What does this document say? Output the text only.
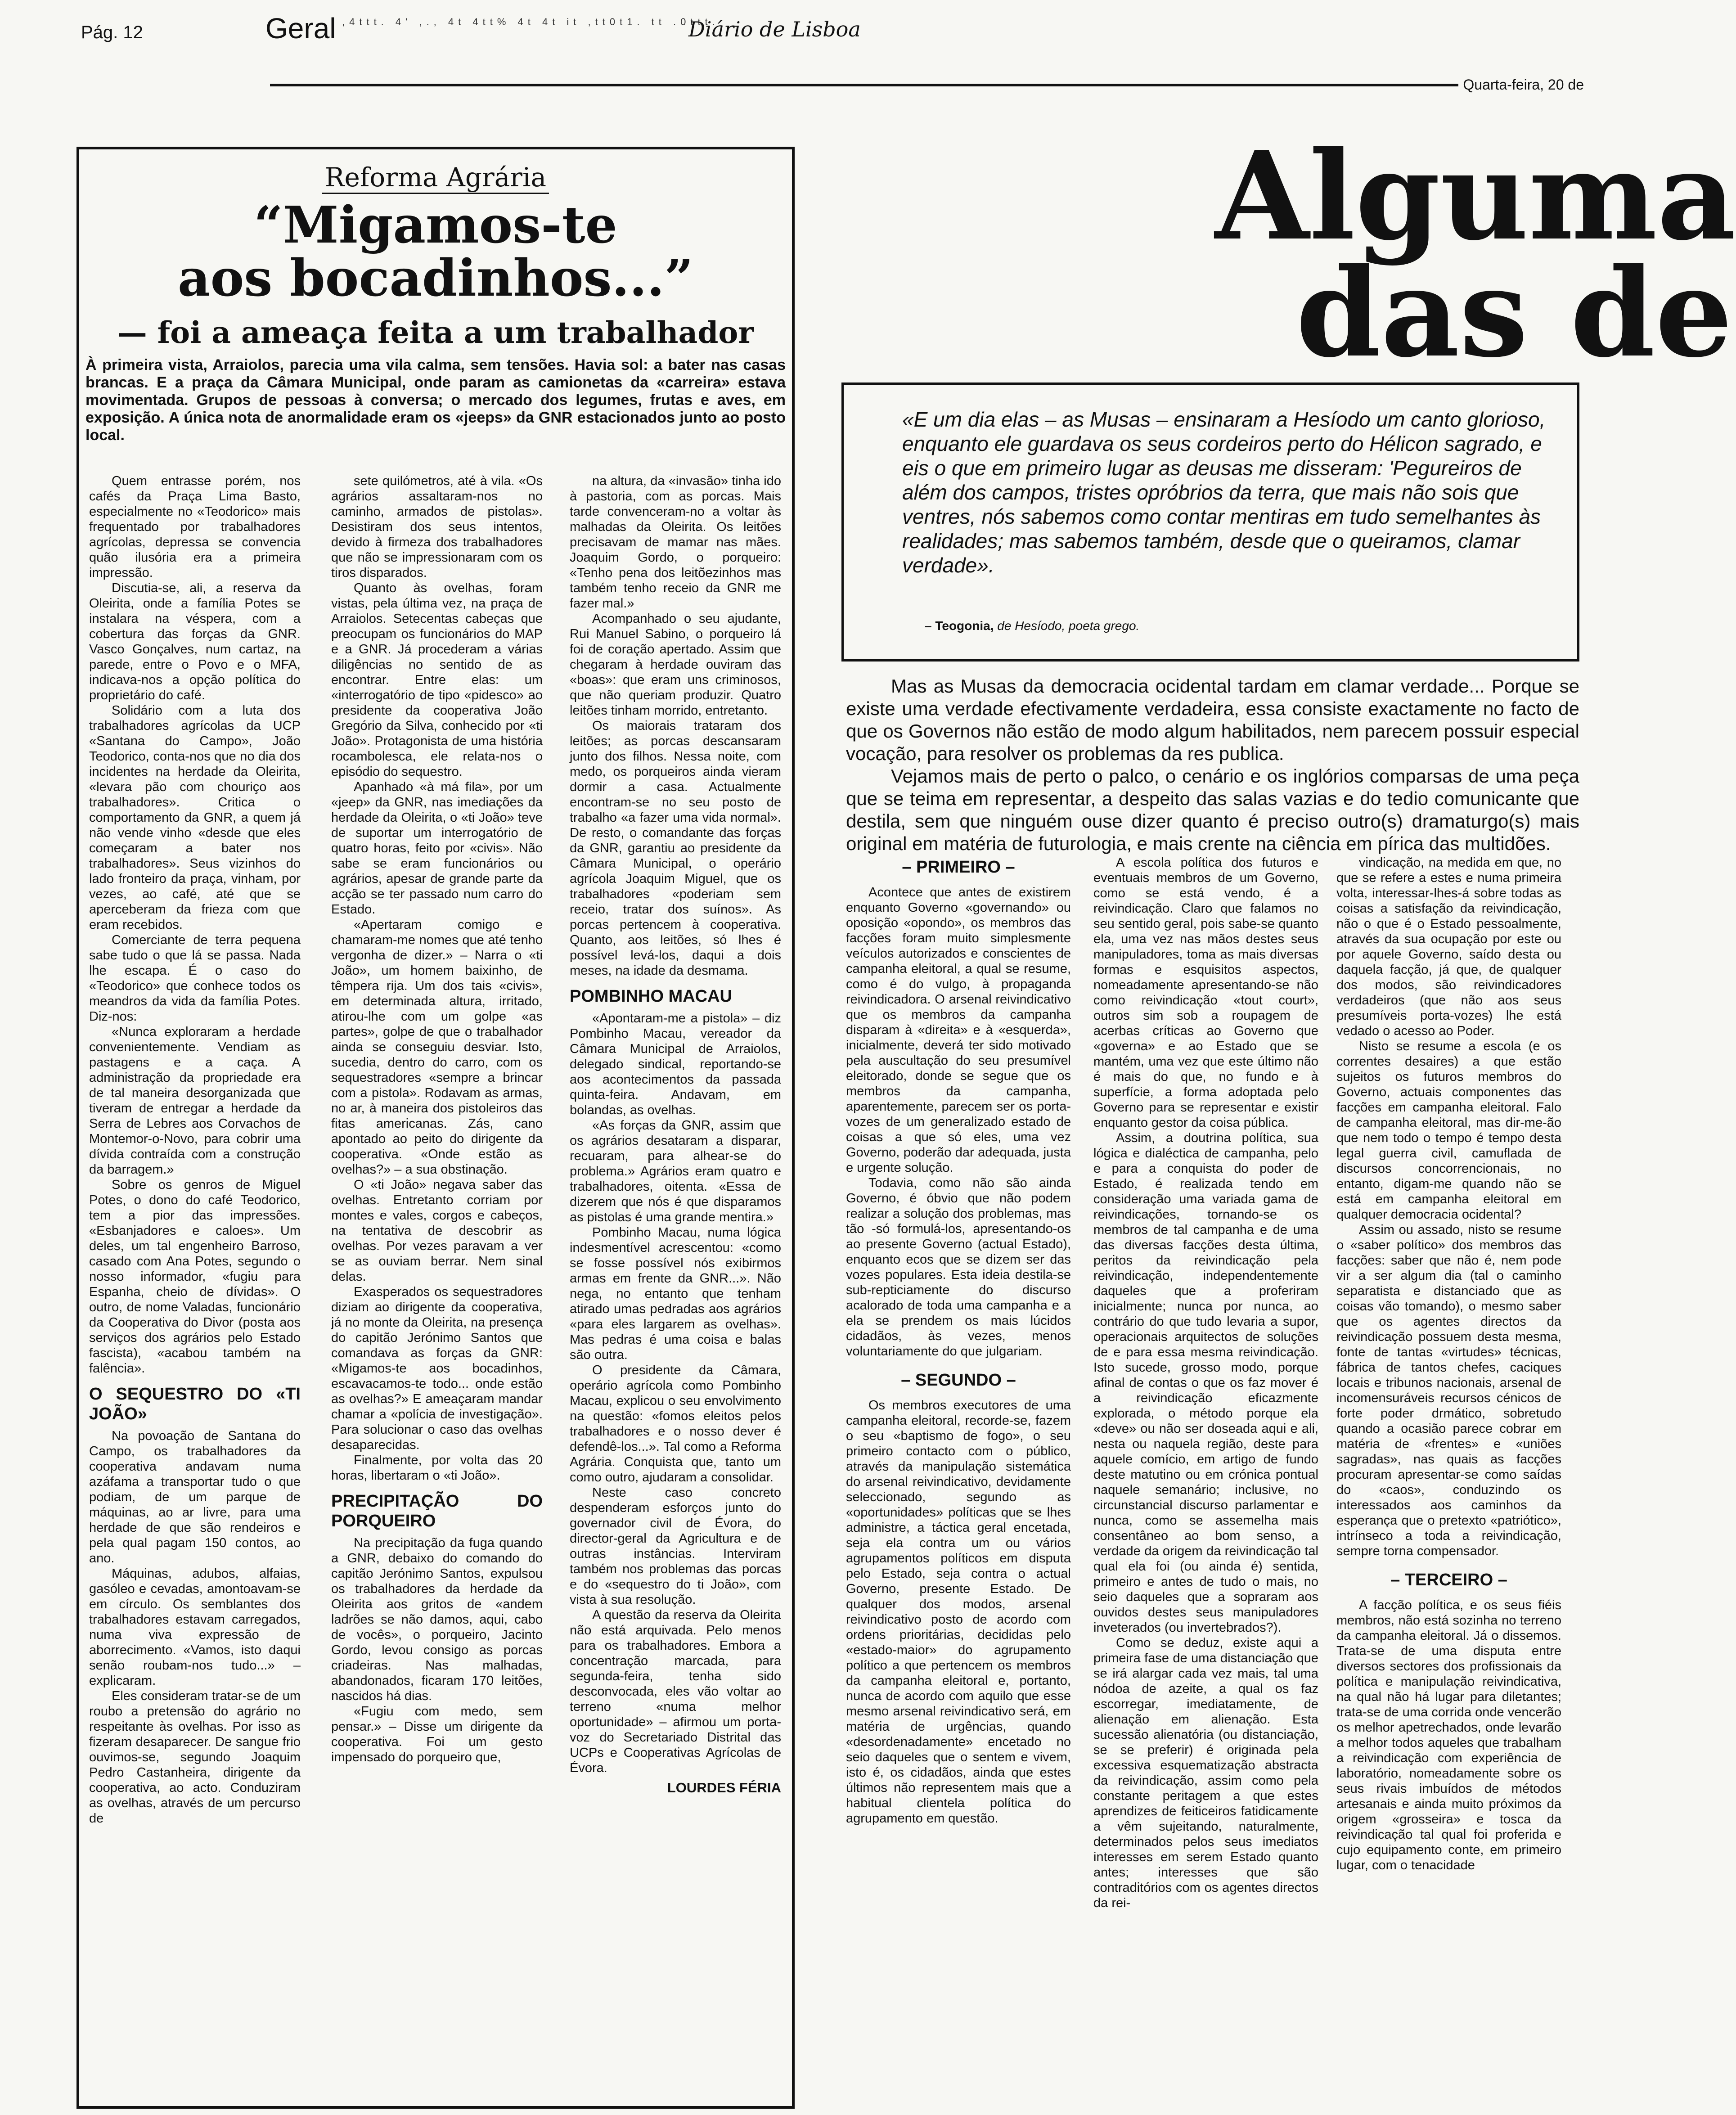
Pág. 12	Geral ,4ttt. 4' ,., 4t 4tt% 4t 4t it ,tt0t1. tt .0ttt.
Diário de Lisboa
Quarta-feira, 20 de
Reforma Agrária
“Migamos-te
aos bocadinhos...”
— foi a ameaça feita a um trabalhador
À primeira vista, Arraiolos, parecia uma vila calma, sem tensões. Havia sol: a bater nas casas brancas. E a praça da Câmara Municipal, onde param as camionetas da «carreira» estava movimentada. Grupos de pessoas à conversa; o mercado dos legumes, frutas e aves, em exposição. A única nota de anormalidade eram os «jeeps» da GNR estacionados junto ao posto local.

Quem entrasse porém, nos cafés da Praça Lima Basto, especialmente no «Teodorico» mais frequentado por trabalhadores agrícolas, depressa se convencia quão ilusória era a primeira impressão.

Discutia-se, ali, a reserva da Oleirita, onde a família Potes se instalara na véspera, com a cobertura das forças da GNR. Vasco Gonçalves, num cartaz, na parede, entre o Povo e o MFA, indicava-nos a opção política do proprietário do café.

Solidário com a luta dos trabalhadores agrícolas da UCP «Santana do Campo», João Teodorico, conta-nos que no dia dos incidentes na herdade da Oleirita, «levara pão com chouriço aos trabalhadores». Critica o comportamento da GNR, a quem já não vende vinho «desde que eles começaram a bater nos trabalhadores». Seus vizinhos do lado fronteiro da praça, vinham, por vezes, ao café, até que se aperceberam da frieza com que eram recebidos.

Comerciante de terra pequena sabe tudo o que lá se passa. Nada lhe escapa. É o caso do «Teodorico» que conhece todos os meandros da vida da família Potes. Diz-nos:

«Nunca exploraram a herdade convenientemente. Vendiam as pastagens e a caça. A administração da propriedade era de tal maneira desorganizada que tiveram de entregar a herdade da Serra de Lebres aos Corvachos de Montemor-o-Novo, para cobrir uma dívida contraída com a construção da barragem.»

Sobre os genros de Miguel Potes, o dono do café Teodorico, tem a pior das impressões. «Esbanjadores e caloes». Um deles, um tal engenheiro Barroso, casado com Ana Potes, segundo o nosso informador, «fugiu para Espanha, cheio de dívidas». O outro, de nome Valadas, funcionário da Cooperativa do Divor (posta aos serviços dos agrários pelo Estado fascista), «acabou também na falência».

O SEQUESTRO DO «TI JOÃO»

Na povoação de Santana do Campo, os trabalhadores da cooperativa andavam numa azáfama a transportar tudo o que podiam, de um parque de máquinas, ao ar livre, para uma herdade de que são rendeiros e pela qual pagam 150 contos, ao ano.

Máquinas, adubos, alfaias, gasóleo e cevadas, amontoavam-se em círculo. Os semblantes dos trabalhadores estavam carregados, numa viva expressão de aborrecimento. «Vamos, isto daqui senão roubam-nos tudo...» – explicaram.

Eles consideram tratar-se de um roubo a pretensão do agrário no respeitante às ovelhas. Por isso as fizeram desaparecer. De sangue frio ouvimos-se, segundo Joaquim Pedro Castanheira, dirigente da cooperativa, ao acto. Conduziram as ovelhas, através de um percurso de

sete quilómetros, até à vila. «Os agrários assaltaram-nos no caminho, armados de pistolas». Desistiram dos seus intentos, devido à firmeza dos trabalhadores que não se impressionaram com os tiros disparados.

Quanto às ovelhas, foram vistas, pela última vez, na praça de Arraiolos. Setecentas cabeças que preocupam os funcionários do MAP e a GNR. Já procederam a várias diligências no sentido de as encontrar. Entre elas: um «interrogatório de tipo «pidesco» ao presidente da cooperativa João Gregório da Silva, conhecido por «ti João». Protagonista de uma história rocambolesca, ele relata-nos o episódio do sequestro.

Apanhado «à má fila», por um «jeep» da GNR, nas imediações da herdade da Oleirita, o «ti João» teve de suportar um interrogatório de quatro horas, feito por «civis». Não sabe se eram funcionários ou agrários, apesar de grande parte da acção se ter passado num carro do Estado.

«Apertaram comigo e chamaram-me nomes que até tenho vergonha de dizer.» – Narra o «ti João», um homem baixinho, de têmpera rija. Um dos tais «civis», em determinada altura, irritado, atirou-lhe com um golpe «as partes», golpe de que o trabalhador ainda se conseguiu desviar. Isto, sucedia, dentro do carro, com os sequestradores «sempre a brincar com a pistola». Rodavam as armas, no ar, à maneira dos pistoleiros das fitas americanas. Zás, cano apontado ao peito do dirigente da cooperativa. «Onde estão as ovelhas?» – a sua obstinação.

O «ti João» negava saber das ovelhas. Entretanto corriam por montes e vales, corgos e cabeços, na tentativa de descobrir as ovelhas. Por vezes paravam a ver se as ouviam berrar. Nem sinal delas.

Exasperados os sequestradores diziam ao dirigente da cooperativa, já no monte da Oleirita, na presença do capitão Jerónimo Santos que comandava as forças da GNR: «Migamos-te aos bocadinhos, escavacamos-te todo... onde estão as ovelhas?» E ameaçaram mandar chamar a «polícia de investigação». Para solucionar o caso das ovelhas desaparecidas.

Finalmente, por volta das 20 horas, libertaram o «ti João».

PRECIPITAÇÃO DO PORQUEIRO

Na precipitação da fuga quando a GNR, debaixo do comando do capitão Jerónimo Santos, expulsou os trabalhadores da herdade da Oleirita aos gritos de «andem ladrões se não damos, aqui, cabo de vocês», o porqueiro, Jacinto Gordo, levou consigo as porcas criadeiras. Nas malhadas, abandonados, ficaram 170 leitões, nascidos há dias.

«Fugiu com medo, sem pensar.» – Disse um dirigente da cooperativa. Foi um gesto impensado do porqueiro que,

na altura, da «invasão» tinha ido à pastoria, com as porcas. Mais tarde convenceram-no a voltar às malhadas da Oleirita. Os leitões precisavam de mamar nas mães. Joaquim Gordo, o porqueiro: «Tenho pena dos leitõezinhos mas também tenho receio da GNR me fazer mal.»

Acompanhado o seu ajudante, Rui Manuel Sabino, o porqueiro lá foi de coração apertado. Assim que chegaram à herdade ouviram das «boas»: que eram uns criminosos, que não queriam produzir. Quatro leitões tinham morrido, entretanto.

Os maiorais trataram dos leitões; as porcas descansaram junto dos filhos. Nessa noite, com medo, os porqueiros ainda vieram dormir a casa. Actualmente encontram-se no seu posto de trabalho «a fazer uma vida normal». De resto, o comandante das forças da GNR, garantiu ao presidente da Câmara Municipal, o operário agrícola Joaquim Miguel, que os trabalhadores «poderiam sem receio, tratar dos suínos». As porcas pertencem à cooperativa. Quanto, aos leitões, só lhes é possível levá-los, daqui a dois meses, na idade da desmama.

POMBINHO MACAU

«Apontaram-me a pistola» – diz Pombinho Macau, vereador da Câmara Municipal de Arraiolos, delegado sindical, reportando-se aos acontecimentos da passada quinta-feira. Andavam, em bolandas, as ovelhas.

«As forças da GNR, assim que os agrários desataram a disparar, recuaram, para alhear-se do problema.» Agrários eram quatro e trabalhadores, oitenta. «Essa de dizerem que nós é que disparamos as pistolas é uma grande mentira.»

Pombinho Macau, numa lógica indesmentível acrescentou: «como se fosse possível nós exibirmos armas em frente da GNR...». Não nega, no entanto que tenham atirado umas pedradas aos agrários «para eles largarem as ovelhas». Mas pedras é uma coisa e balas são outra.

O presidente da Câmara, operário agrícola como Pombinho Macau, explicou o seu envolvimento na questão: «fomos eleitos pelos trabalhadores e o nosso dever é defendê-los...». Tal como a Reforma Agrária. Conquista que, tanto um como outro, ajudaram a consolidar.

Neste caso concreto despenderam esforços junto do governador civil de Évora, do director-geral da Agricultura e de outras instâncias. Interviram também nos problemas das porcas e do «sequestro do ti João», com vista à sua resolução.

A questão da reserva da Oleirita não está arquivada. Pelo menos para os trabalhadores. Embora a concentração marcada, para segunda-feira, tenha sido desconvocada, eles vão voltar ao terreno «numa melhor oportunidade» – afirmou um porta-voz do Secretariado Distrital das UCPs e Cooperativas Agrícolas de Évora.

LOURDES FÉRIA
Alguma
das de
«E um dia elas – as Musas – ensinaram a Hesíodo um canto glorioso, enquanto ele guardava os seus cordeiros perto do Hélicon sagrado, e eis o que em primeiro lugar as deusas me disseram: 'Pegureiros de além dos campos, tristes opróbrios da terra, que mais não sois que ventres, nós sabemos como contar mentiras em tudo semelhantes às realidades; mas sabemos também, desde que o queiramos, clamar verdade».
– Teogonia, de Hesíodo, poeta grego.

Mas as Musas da democracia ocidental tardam em clamar verdade... Porque se existe uma verdade efectivamente verdadeira, essa consiste exactamente no facto de que os Governos não estão de modo algum habilitados, nem parecem possuir especial vocação, para resolver os problemas da res publica.

Vejamos mais de perto o palco, o cenário e os inglórios comparsas de uma peça que se teima em representar, a despeito das salas vazias e do tedio comunicante que destila, sem que ninguém ouse dizer quanto é preciso outro(s) dramaturgo(s) mais original em matéria de futurologia, e mais crente na ciência em pírica das multidões.

– PRIMEIRO –

Acontece que antes de existirem enquanto Governo «governando» ou oposição «opondo», os membros das facções foram muito simplesmente veículos autorizados e conscientes de campanha eleitoral, a qual se resume, como é do vulgo, à propaganda reivindicadora. O arsenal reivindicativo que os membros da campanha disparam à «direita» e à «esquerda», inicialmente, deverá ter sido motivado pela auscultação do seu presumível eleitorado, donde se segue que os membros da campanha, aparentemente, parecem ser os porta-vozes de um generalizado estado de coisas a que só eles, uma vez Governo, poderão dar adequada, justa e urgente solução.

Todavia, como não são ainda Governo, é óbvio que não podem realizar a solução dos problemas, mas tão -só formulá-los, apresentando-os ao presente Governo (actual Estado), enquanto ecos que se dizem ser das vozes populares. Esta ideia destila-se sub-repticiamente do discurso acalorado de toda uma campanha e a ela se prendem os mais lúcidos cidadãos, às vezes, menos voluntariamente do que julgariam.

– SEGUNDO –

Os membros executores de uma campanha eleitoral, recorde-se, fazem o seu «baptismo de fogo», o seu primeiro contacto com o público, através da manipulação sistemática do arsenal reivindicativo, devidamente seleccionado, segundo as «oportunidades» políticas que se lhes administre, a táctica geral encetada, seja ela contra um ou vários agrupamentos políticos em disputa pelo Estado, seja contra o actual Governo, presente Estado. De qualquer dos modos, arsenal reivindicativo posto de acordo com ordens prioritárias, decididas pelo «estado-maior» do agrupamento político a que pertencem os membros da campanha eleitoral e, portanto, nunca de acordo com aquilo que esse mesmo arsenal reivindicativo será, em matéria de urgências, quando «desordenadamente» encetado no seio daqueles que o sentem e vivem, isto é, os cidadãos, ainda que estes últimos não representem mais que a habitual clientela política do agrupamento em questão.

A escola política dos futuros e eventuais membros de um Governo, como se está vendo, é a reivindicação. Claro que falamos no seu sentido geral, pois sabe-se quanto ela, uma vez nas mãos destes seus manipuladores, toma as mais diversas formas e esquisitos aspectos, nomeadamente apresentando-se não como reivindicação «tout court», outros sim sob a roupagem de acerbas críticas ao Governo que «governa» e ao Estado que se mantém, uma vez que este último não é mais do que, no fundo e à superfície, a forma adoptada pelo Governo para se representar e existir enquanto gestor da coisa pública.

Assim, a doutrina política, sua lógica e dialéctica de campanha, pelo e para a conquista do poder de Estado, é realizada tendo em consideração uma variada gama de reivindicações, tornando-se os membros de tal campanha e de uma das diversas facções desta última, peritos da reivindicação pela reivindicação, independentemente daqueles que a proferiram inicialmente; nunca por nunca, ao contrário do que tudo levaria a supor, operacionais arquitectos de soluções de e para essa mesma reivindicação. Isto sucede, grosso modo, porque afinal de contas o que os faz mover é a reivindicação eficazmente explorada, o método porque ela «deve» ou não ser doseada aqui e ali, nesta ou naquela região, deste para aquele comício, em artigo de fundo deste matutino ou em crónica pontual naquele semanário; inclusive, no circunstancial discurso parlamentar e nunca, como se assemelha mais consentâneo ao bom senso, a verdade da origem da reivindicação tal qual ela foi (ou ainda é) sentida, primeiro e antes de tudo o mais, no seio daqueles que a sopraram aos ouvidos destes seus manipuladores inveterados (ou invertebrados?).

Como se deduz, existe aqui a primeira fase de uma distanciação que se irá alargar cada vez mais, tal uma nódoa de azeite, a qual os faz escorregar, imediatamente, de alienação em alienação. Esta sucessão alienatória (ou distanciação, se se preferir) é originada pela excessiva esquematização abstracta da reivindicação, assim como pela constante peritagem a que estes aprendizes de feiticeiros fatidicamente a vêm sujeitando, naturalmente, determinados pelos seus imediatos interesses em serem Estado quanto antes; interesses que são contraditórios com os agentes directos da rei-

vindicação, na medida em que, no que se refere a estes e numa primeira volta, interessar-lhes-á sobre todas as coisas a satisfação da reivindicação, não o que é o Estado pessoalmente, através da sua ocupação por este ou por aquele Governo, saído desta ou daquela facção, já que, de qualquer dos modos, são reivindicadores verdadeiros (que não aos seus presumíveis porta-vozes) lhe está vedado o acesso ao Poder.

Nisto se resume a escola (e os correntes desaires) a que estão sujeitos os futuros membros do Governo, actuais componentes das facções em campanha eleitoral. Falo de campanha eleitoral, mas dir-me-ão que nem todo o tempo é tempo desta legal guerra civil, camuflada de discursos concorrencionais, no entanto, digam-me quando não se está em campanha eleitoral em qualquer democracia ocidental?

Assim ou assado, nisto se resume o «saber político» dos membros das facções: saber que não é, nem pode vir a ser algum dia (tal o caminho separatista e distanciado que as coisas vão tomando), o mesmo saber que os agentes directos da reivindicação possuem desta mesma, fonte de tantas «virtudes» técnicas, fábrica de tantos chefes, caciques locais e tribunos nacionais, arsenal de incomensuráveis recursos cénicos de forte poder drmático, sobretudo quando a ocasião parece cobrar em matéria de «frentes» e «uniões sagradas», nas quais as facções procuram apresentar-se como saídas do «caos», conduzindo os interessados aos caminhos da esperança que o pretexto «patriótico», intrínseco a toda a reivindicação, sempre torna compensador.

– TERCEIRO –

A facção política, e os seus fiéis membros, não está sozinha no terreno da campanha eleitoral. Já o dissemos. Trata-se de uma disputa entre diversos sectores dos profissionais da política e manipulação reivindicativa, na qual não há lugar para diletantes; trata-se de uma corrida onde vencerão os melhor apetrechados, onde levarão a melhor todos aqueles que trabalham a reivindicação com experiência de laboratório, nomeadamente sobre os seus rivais imbuídos de métodos artesanais e ainda muito próximos da origem «grosseira» e tosca da reivindicação tal qual foi proferida e cujo equipamento conte, em primeiro lugar, com o tenacidade
